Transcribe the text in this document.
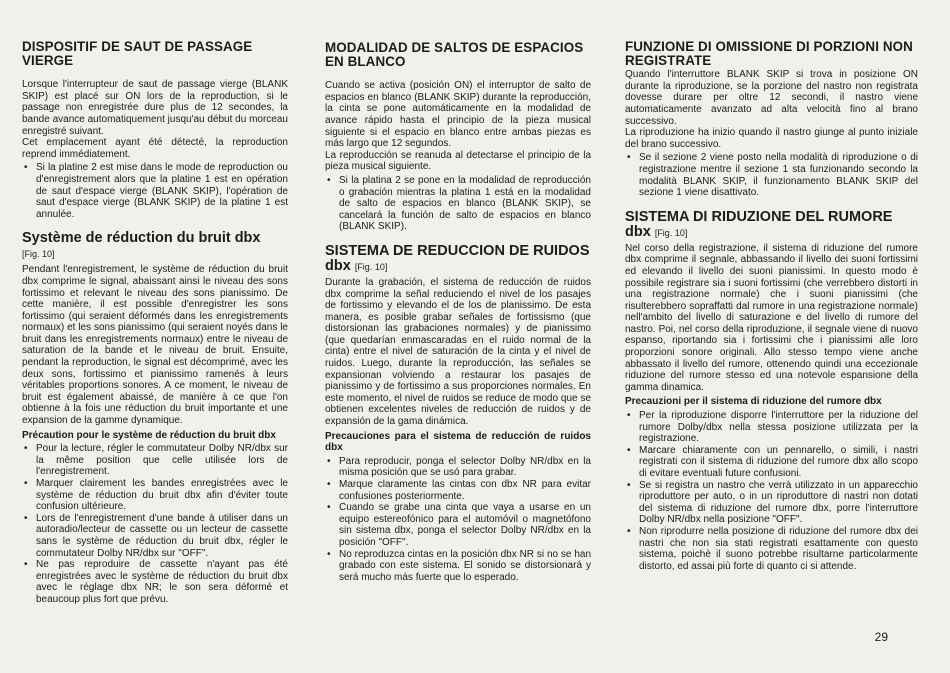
DISPOSITIF DE SAUT DE PASSAGE VIERGE

Lorsque l'interrupteur de saut de passage vierge (BLANK SKIP) est placé sur ON lors de la reproduction, si le passage non enregistrée dure plus de 12 secondes, la bande avance automatiquement jusqu'au début du morceau enregistré suivant.

Cet emplacement ayant été détecté, la reproduction reprend immédiatement.

• Si la platine 2 est mise dans le mode de reproduction ou d'enregistrement alors que la platine 1 est en opération de saut d'espace vierge (BLANK SKIP), l'opération de saut d'espace vierge (BLANK SKIP) de la platine 1 est annulée.
Système de réduction du bruit dbx
[Fig. 10]

Pendant l'enregistrement, le système de réduction du bruit dbx comprime le signal, abaissant ainsi le niveau des sons fortissimo et relevant le niveau des sons pianissimo. De cette manière, il est possible d'enregistrer les sons fortissimo (qui seraient déformés dans les enregistrements normaux) et les sons pianissimo (qui seraient noyés dans le bruit dans les enregistrements normaux) entre le niveau de saturation de la bande et le niveau de bruit. Ensuite, pendant la reproduction, le signal est décomprimé, avec les deux sons, fortissimo et pianissimo ramenés à leurs véritables proportions sonores. A ce moment, le niveau de bruit est également abaissé, de manière à ce que l'on obtienne à la fois une réduction du bruit importante et une expansion de la gamme dynamique.

Précaution pour le système de réduction du bruit dbx

• Pour la lecture, régler le commutateur Dolby NR/dbx sur la même position que celle utilisée lors de l'enregistrement.
• Marquer clairement les bandes enregistrées avec le système de réduction du bruit dbx afin d'éviter toute confusion ultérieure.
• Lors de l'enregistrement d'une bande à utiliser dans un autoradio/lecteur de cassette ou un lecteur de cassette sans le système de réduction du bruit dbx, régler le commutateur Dolby NR/dbx sur "OFF".
• Ne pas reproduire de cassette n'ayant pas été enregistrées avec le système de réduction du bruit dbx avec le réglage dbx NR; le son sera déformé et beaucoup plus fort que prévu.
MODALIDAD DE SALTOS DE ESPACIOS EN BLANCO

Cuando se activa (posición ON) el interruptor de salto de espacios en blanco (BLANK SKIP) durante la reproducción, la cinta se pone automáticamente en la modalidad de avance rápido hasta el principio de la pieza musical siguiente si el espacio en blanco entre ambas piezas es más largo que 12 segundos.

La reproducción se reanuda al detectarse el principio de la pieza musical siguiente.

• Si la platina 2 se pone en la modalidad de reproducción o grabación mientras la platina 1 está en la modalidad de salto de espacios en blanco (BLANK SKIP), se cancelará la función de salto de espacios en blanco (BLANK SKIP).
SISTEMA DE REDUCCION DE RUIDOS dbx [Fig. 10]

Durante la grabación, el sistema de reducción de ruidos dbx comprime la señal reduciendo el nivel de los pasajes de fortissimo y elevando el de los de planissimo. De esta manera, es posible grabar señales de fortissismo (que distorsionan las grabaciones normales) y de pianissimo (que quedarían enmascaradas en el ruido normal de la cinta) entre el nivel de saturación de la cinta y el nivel de ruidos. Luego, durante la reproducción, las señales se expansionan volviendo a restaurar los pasajes de pianissimo y de fortissimo a sus proporciones normales. En este momento, el nivel de ruidos se reduce de modo que se obtienen excelentes niveles de reducción de ruidos y de expansión de la gama dinámica.

Precauciones para el sistema de reducción de ruidos dbx

• Para reproducir, ponga el selector Dolby NR/dbx en la misma posición que se usó para grabar.
• Marque claramente las cintas con dbx NR para evitar confusiones posteriormente.
• Cuando se grabe una cinta que vaya a usarse en un equipo estereofónico para el automóvil o magnetófono sin sistema dbx, ponga el selector Dolby NR/dbx en la posición "OFF".
• No reproduzca cintas en la posición dbx NR si no se han grabado con este sistema. El sonido se distorsionará y será mucho más fuerte que lo esperado.
FUNZIONE DI OMISSIONE DI PORZIONI NON REGISTRATE

Quando l'interruttore BLANK SKIP si trova in posizione ON durante la riproduzione, se la porzione del nastro non registrata dovesse durare per oltre 12 secondi, il nastro viene automaticamente avanzato ad alta velocità fino al brano successivo.

La riproduzione ha inizio quando il nastro giunge al punto iniziale del brano successivo.

• Se il sezione 2 viene posto nella modalità di riproduzione o di registrazione mentre il sezione 1 sta funzionando secondo la modalità BLANK SKIP, il funzionamento BLANK SKIP del sezione 1 viene disattivato.
SISTEMA DI RIDUZIONE DEL RUMORE dbx [Fig. 10]

Nel corso della registrazione, il sistema di riduzione del rumore dbx comprime il segnale, abbassando il livello dei suoni fortissimi ed elevando il livello dei suoni pianissimi. In questo modo è possibile registrare sia i suoni fortissimi (che verrebbero distorti in una registrazione normale) che i suoni pianissimi (che risulterebbero sopraffatti dal rumore in una registrazione normale) nell'ambito del livello di saturazione e del livello di rumore del nastro. Poi, nel corso della riproduzione, il segnale viene di nuovo espanso, riportando sia i fortissimi che i pianissimi alle loro proporzioni sonore originali. Allo stesso tempo viene anche abbassato il livello del rumore, ottenendo quindi una eccezionale riduzione del rumore stesso ed una notevole espansione della gamma dinamica.

Precauzioni per il sistema di riduzione del rumore dbx

• Per la riproduzione disporre l'interruttore per la riduzione del rumore Dolby/dbx nella stessa posizione utilizzata per la registrazione.
• Marcare chiaramente con un pennarello, o simili, i nastri registrati con il sistema di riduzione del rumore dbx allo scopo di evitare eventuali future confusioni.
• Se si registra un nastro che verrà utilizzato in un apparecchio riproduttore per auto, o in un riproduttore di nastri non dotati del sistema di riduzione del rumore dbx, porre l'interruttore Dolby NR/dbx nella posizione "OFF".
• Non riprodurre nella posizione di riduzione del rumore dbx dei nastri che non sia stati registrati esattamente con questo sistema, poichè il suono potrebbe risultarne particolarmente distorto, ed assai più forte di quanto ci si attende.
29
